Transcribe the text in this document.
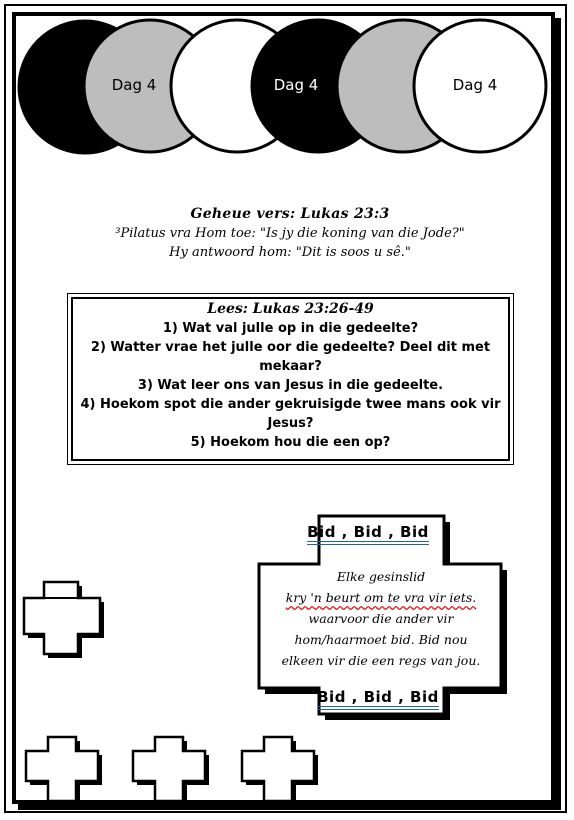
Dag 4	Dag 4	Dag 4
Geheue vers: Lukas 23:3
³Pilatus vra Hom toe: "Is jy die koning van die Jode?"
Hy antwoord hom: "Dit is soos u sê."
Lees: Lukas 23:26-49
1) Wat val julle op in die gedeelte?
2) Watter vrae het julle oor die gedeelte? Deel dit met mekaar?
3) Wat leer ons van Jesus in die gedeelte.
4) Hoekom spot die ander gekruisigde twee mans ook vir Jesus?
5) Hoekom hou die een op?
Bid , Bid , Bid
Elke gesinslid
kry 'n beurt om te vra vir iets.
waarvoor die ander vir
hom/haarmoet bid. Bid nou
elkeen vir die een regs van jou.
Bid , Bid , Bid
